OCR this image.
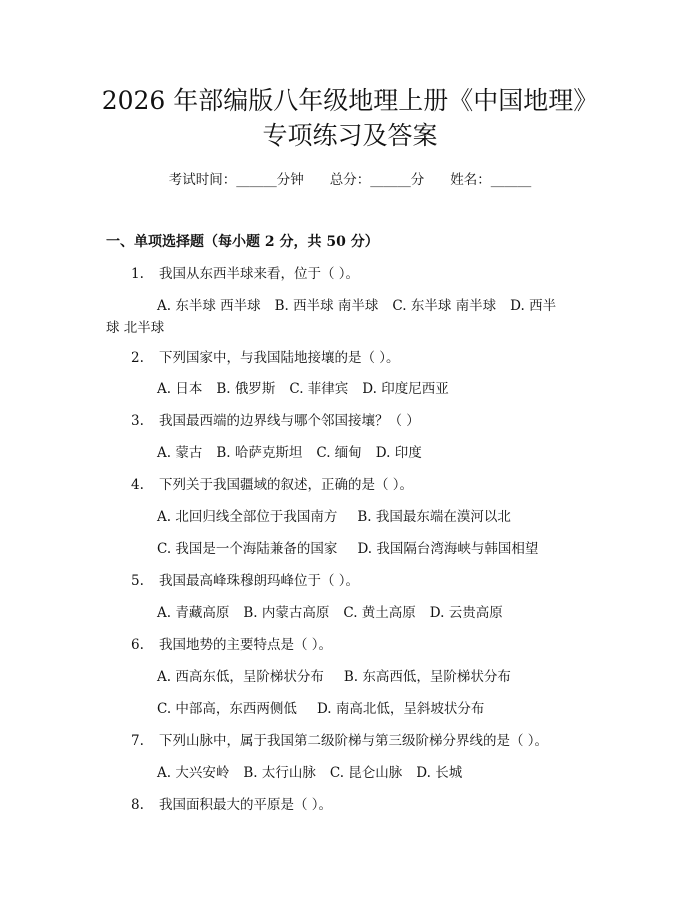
2026 年部编版八年级地理上册《中国地理》
专项练习及答案
考试时间：______分钟 总分：______分 姓名：______
一、单项选择题（每小题 2 分，共 50 分）
1. 我国从东西半球来看，位于（ ）。
A. 东半球 西半球 B. 西半球 南半球 C. 东半球 南半球 D. 西半
球 北半球
2. 下列国家中，与我国陆地接壤的是（ ）。
A. 日本 B. 俄罗斯 C. 菲律宾 D. 印度尼西亚
3. 我国最西端的边界线与哪个邻国接壤？（ ）
A. 蒙古 B. 哈萨克斯坦 C. 缅甸 D. 印度
4. 下列关于我国疆域的叙述，正确的是（ ）。
A. 北回归线全部位于我国南方 B. 我国最东端在漠河以北
C. 我国是一个海陆兼备的国家 D. 我国隔台湾海峡与韩国相望
5. 我国最高峰珠穆朗玛峰位于（ ）。
A. 青藏高原 B. 内蒙古高原 C. 黄土高原 D. 云贵高原
6. 我国地势的主要特点是（ ）。
A. 西高东低，呈阶梯状分布 B. 东高西低，呈阶梯状分布
C. 中部高，东西两侧低 D. 南高北低，呈斜坡状分布
7. 下列山脉中，属于我国第二级阶梯与第三级阶梯分界线的是（ ）。
A. 大兴安岭 B. 太行山脉 C. 昆仑山脉 D. 长城
8. 我国面积最大的平原是（ ）。
